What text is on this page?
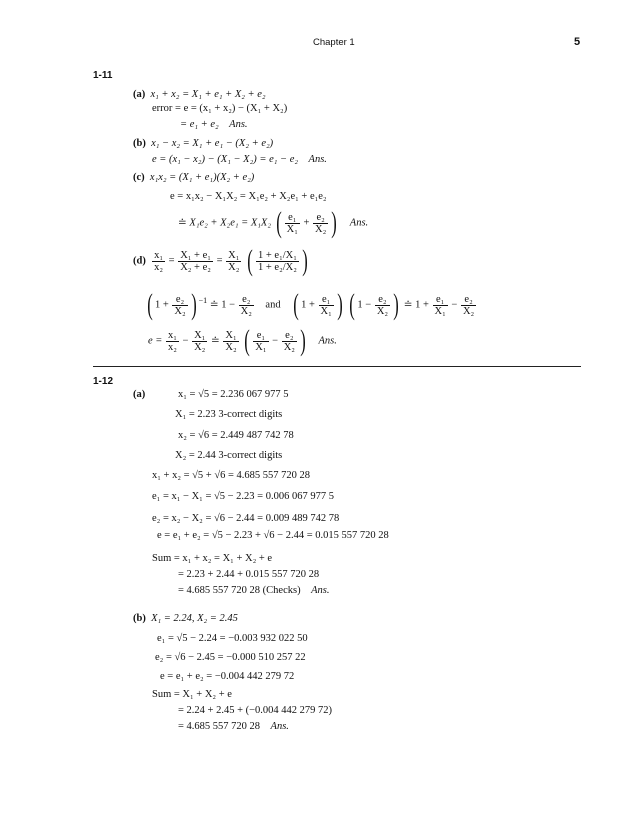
Chapter 1	5
1-11
(a) x₁ + x₂ = X₁ + e₁ + X₂ + e₂
error = e = (x₁ + x₂) − (X₁ + X₂)
= e₁ + e₂ Ans.
(b) x₁ − x₂ = X₁ + e₁ − (X₂ + e₂)
e = (x₁ − x₂) − (X₁ − X₂) = e₁ − e₂ Ans.
(c) x₁x₂ = (X₁ + e₁)(X₂ + e₂)
e = x₁x₂ − X₁X₂ = X₁e₂ + X₂e₁ + e₁e₂
≐ X₁e₂ + X₂e₁ = X₁X₂ ( $\frac{\text{e₁}}{\text{X₁}} + \frac{\text{e₂}}{\text{X₂}}$ ) Ans.
$(d) \frac{\text{x₁}}{\text{x₂}} = \frac{\text{X₁ + e₁}}{\text{X₂ + e₂}} = \frac{\text{X₁}}{\text{X₂}}$ ( $\frac{\text{1 + e₁/X₁}}{\text{1 + e₂/X₂}}$ )
( $1 + \frac{\text{e₂}}{\text{X₂}}$ ) $^{-1}$ ≐ $1 - \frac{\text{e₂}}{\text{X₂}}$ and ( $1 + \frac{\text{e₁}}{\text{X₁}}$ ) ( $1 - \frac{\text{e₂}}{\text{X₂}}$ ) ≐ $1 + \frac{\text{e₁}}{\text{X₁}} - \frac{\text{e₂}}{\text{X₂}}$
$e = \frac{\text{x₁}}{\text{x₂}} - \frac{\text{X₁}}{\text{X₂}}$ ≐ $\frac{\text{X₁}}{\text{X₂}}$ ( $\frac{\text{e₁}}{\text{X₁}} - \frac{\text{e₂}}{\text{X₂}}$ ) Ans.
1-12
(a)	x₁ = √5 = 2.236 067 977 5
X₁ = 2.23 3-correct digits
x₂ = √6 = 2.449 487 742 78
X₂ = 2.44 3-correct digits
x₁ + x₂ = √5 + √6 = 4.685 557 720 28
e₁ = x₁ − X₁ = √5 − 2.23 = 0.006 067 977 5
e₂ = x₂ − X₂ = √6 − 2.44 = 0.009 489 742 78
e = e₁ + e₂ = √5 − 2.23 + √6 − 2.44 = 0.015 557 720 28
Sum = x₁ + x₂ = X₁ + X₂ + e
= 2.23 + 2.44 + 0.015 557 720 28
= 4.685 557 720 28 (Checks) Ans.
(b) X₁ = 2.24, X₂ = 2.45
e₁ = √5 − 2.24 = −0.003 932 022 50
e₂ = √6 − 2.45 = −0.000 510 257 22
e = e₁ + e₂ = −0.004 442 279 72
Sum = X₁ + X₂ + e
= 2.24 + 2.45 + (−0.004 442 279 72)
= 4.685 557 720 28 Ans.
